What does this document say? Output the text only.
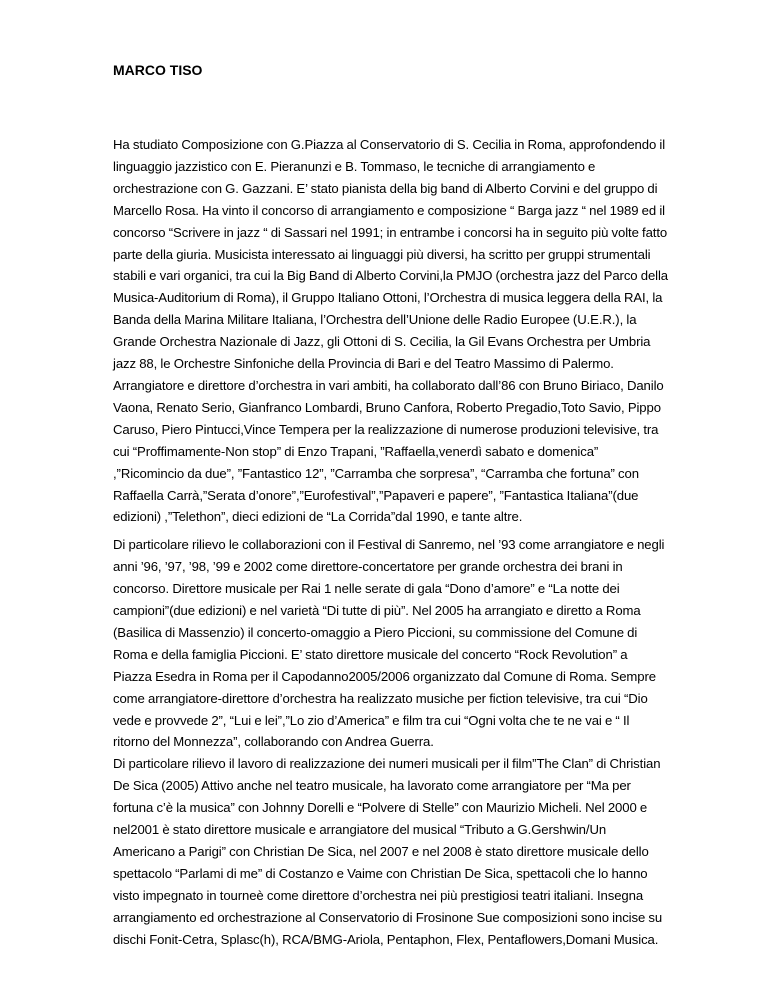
MARCO TISO

Ha studiato Composizione con G.Piazza al Conservatorio di S. Cecilia in Roma, approfondendo il linguaggio jazzistico con E. Pieranunzi e B. Tommaso, le tecniche di arrangiamento e orchestrazione con G. Gazzani. E’ stato pianista della big band di Alberto Corvini e del gruppo di Marcello Rosa. Ha vinto il concorso di arrangiamento e composizione “ Barga jazz “ nel 1989 ed il concorso “Scrivere in jazz “ di Sassari nel 1991; in entrambe i concorsi ha in seguito più volte fatto parte della giuria. Musicista interessato ai linguaggi più diversi, ha scritto per gruppi strumentali stabili e vari organici, tra cui la Big Band di Alberto Corvini,la PMJO (orchestra jazz del Parco della Musica-Auditorium di Roma), il Gruppo Italiano Ottoni, l’Orchestra di musica leggera della RAI, la Banda della Marina Militare Italiana, l’Orchestra dell’Unione delle Radio Europee (U.E.R.), la Grande Orchestra Nazionale di Jazz, gli Ottoni di S. Cecilia, la Gil Evans Orchestra per Umbria jazz 88, le Orchestre Sinfoniche della Provincia di Bari e del Teatro Massimo di Palermo. Arrangiatore e direttore d’orchestra in vari ambiti, ha collaborato dall’86 con Bruno Biriaco, Danilo Vaona, Renato Serio, Gianfranco Lombardi, Bruno Canfora, Roberto Pregadio,Toto Savio, Pippo Caruso, Piero Pintucci,Vince Tempera per la realizzazione di numerose produzioni televisive, tra cui “Proffimamente-Non stop” di Enzo Trapani, ”Raffaella,venerdì sabato e domenica” ,”Ricomincio da due”, ”Fantastico 12”, ”Carramba che sorpresa”, “Carramba che fortuna” con Raffaella Carrà,”Serata d’onore”,”Eurofestival”,”Papaveri e papere”, ”Fantastica Italiana”(due edizioni) ,”Telethon”, dieci edizioni de “La Corrida”dal 1990, e tante altre.

Di particolare rilievo le collaborazioni con il Festival di Sanremo, nel ’93 come arrangiatore e negli anni ’96, ’97, ’98, ’99 e 2002 come direttore-concertatore per grande orchestra dei brani in concorso. Direttore musicale per Rai 1 nelle serate di gala “Dono d’amore” e “La notte dei campioni”(due edizioni) e nel varietà “Di tutte di più”. Nel 2005 ha arrangiato e diretto a Roma (Basilica di Massenzio) il concerto-omaggio a Piero Piccioni, su commissione del Comune di Roma e della famiglia Piccioni. E’ stato direttore musicale del concerto “Rock Revolution” a Piazza Esedra in Roma per il Capodanno2005/2006 organizzato dal Comune di Roma. Sempre come arrangiatore-direttore d’orchestra ha realizzato musiche per fiction televisive, tra cui “Dio vede e provvede 2”, “Lui e lei”,”Lo zio d’America” e film tra cui “Ogni volta che te ne vai e “ Il ritorno del Monnezza”, collaborando con Andrea Guerra.

Di particolare rilievo il lavoro di realizzazione dei numeri musicali per il film”The Clan” di Christian De Sica (2005) Attivo anche nel teatro musicale, ha lavorato come arrangiatore per “Ma per fortuna c’è la musica” con Johnny Dorelli e “Polvere di Stelle” con Maurizio Micheli. Nel 2000 e nel2001 è stato direttore musicale e arrangiatore del musical “Tributo a G.Gershwin/Un Americano a Parigi” con Christian De Sica, nel 2007 e nel 2008 è stato direttore musicale dello spettacolo “Parlami di me” di Costanzo e Vaime con Christian De Sica, spettacoli che lo hanno visto impegnato in tourneè come direttore d’orchestra nei più prestigiosi teatri italiani. Insegna arrangiamento ed orchestrazione al Conservatorio di Frosinone Sue composizioni sono incise su dischi Fonit-Cetra, Splasc(h), RCA/BMG-Ariola, Pentaphon, Flex, Pentaflowers,Domani Musica.
